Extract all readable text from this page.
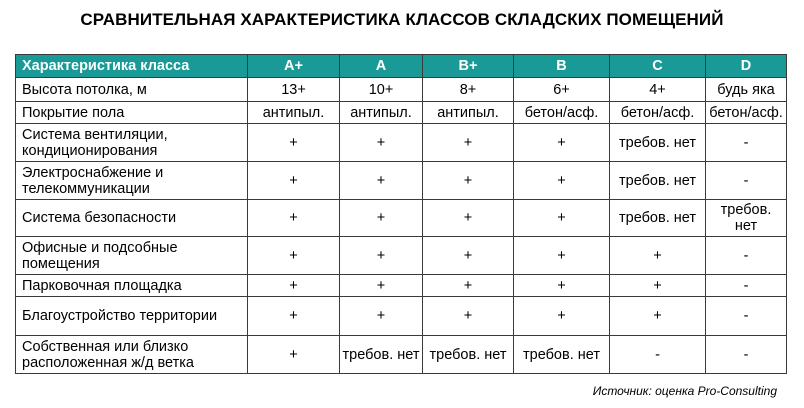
СРАВНИТЕЛЬНАЯ ХАРАКТЕРИСТИКА КЛАССОВ СКЛАДСКИХ ПОМЕЩЕНИЙ
Характеристика класса	A+	A	B+	B	C	D
Высота потолка, м	13+	10+	8+	6+	4+	будь яка
Покрытие пола	антипыл.	антипыл.	антипыл.	бетон/асф.	бетон/асф.	бетон/асф.
Система вентиляции, кондиционирования	+	+	+	+	требов. нет	-
Электроснабжение и телекоммуникации	+	+	+	+	требов. нет	-
Система безопасности	+	+	+	+	требов. нет	требов. нет
Офисные и подсобные помещения	+	+	+	+	+	-
Парковочная площадка	+	+	+	+	+	-
Благоустройство территории	+	+	+	+	+	-
Собственная или близко расположенная ж/д ветка	+	требов. нет	требов. нет	требов. нет	-	-
Источник: оценка Pro-Consulting
